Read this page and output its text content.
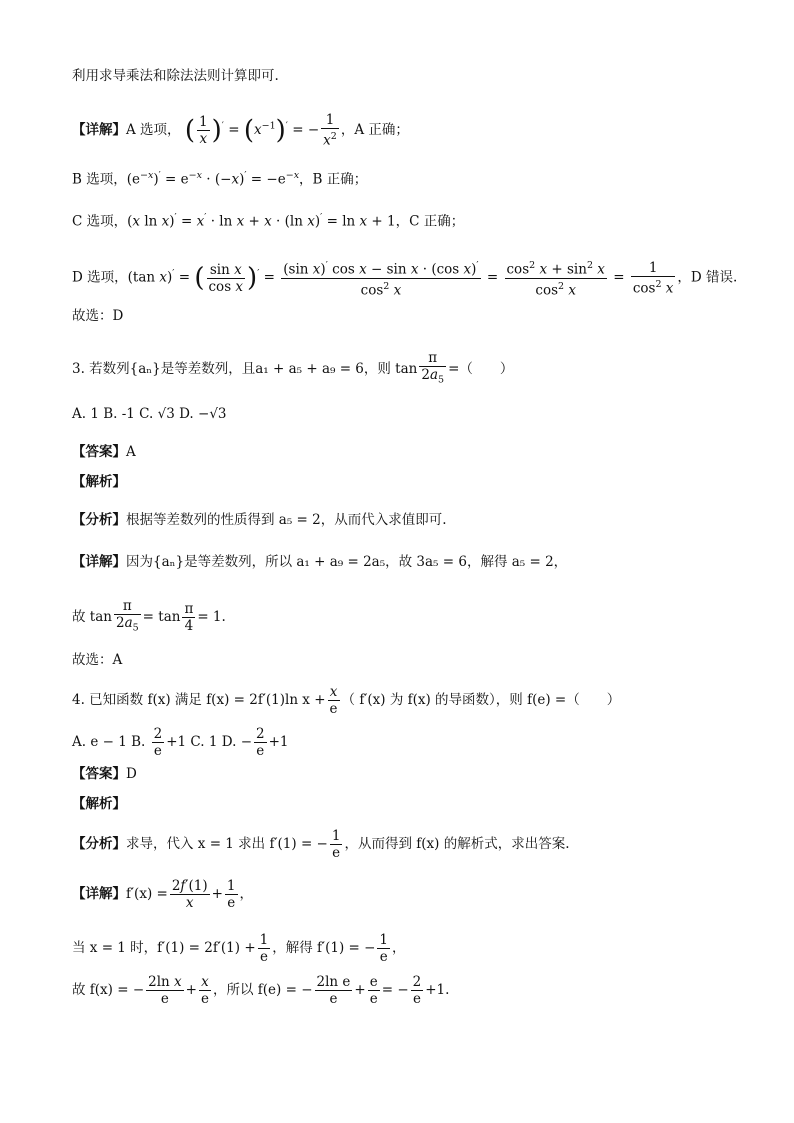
利用求导乘法和除法法则计算即可.
【详解】A 选项， ( $\frac{1}{x} )' = (x^{-1})'$ = − $\frac{1}{x^2}$ ，A 正确；
B 选项，$(e^{-x})' = e^{-x} \cdot (-x)' = -e^{-x}$，B 正确；
C 选项，(x ln x)′ = x′ · ln x + x · (ln x)′ = ln x + 1，C 正确；
D 选项，(tan x)′ = ( $\frac{\text{sin x}}{\text{cos x}} )' = \frac{(\sin x)' \cos x - \sin x \cdot (\cos x)'}{\cos^2 x} = \frac{\cos^2 x + \sin^2 x}{\cos^2 x} = \frac{1}{\cos^2 x}$ ，D 错误.
故选：D
3. 若数列{aₙ}是等差数列，且a₁ + a₅ + a₉ = 6，则 $\tan \frac{\pi}{2a_5}$ =（　　）
A. 1 B. -1 C. √3 D. −√3
【答案】A
【解析】
【分析】根据等差数列的性质得到 a₅ = 2，从而代入求值即可.
【详解】因为{aₙ}是等差数列，所以 a₁ + a₉ = 2a₅，故 3a₅ = 6，解得 a₅ = 2，
故 $\tan \frac{\pi}{2a_5} = \tan \frac{\pi}{4} = 1$.
故选：A
4. 已知函数 f(x) 满足 f(x) = 2f′(1)ln $x + \frac{x}{e}$ （ f′(x) 为 f(x) 的导函数），则 f(e) =（　　）
A. e − 1 B. $\frac{2}{e} +1$ C. 1 D. − $\frac{2}{e} +1$
【答案】D
【解析】
【分析】求导，代入 x = 1 求出 f′(1) = − $\frac{1}{e}$ ，从而得到 f(x) 的解析式，求出答案.
【详解】$f'(x) = \frac{2f'(1)}{x} + \frac{1}{e}$ ，
当 x = 1 时，$f'(1) = 2f'(1) + \frac{1}{e}$ ，解得 f′(1) = − $\frac{1}{e}$ ，
故 f(x) = − $\frac{\text{2ln x}}{e} + \frac{x}{e}$ ，所以 f(e) = − $\frac{\text{2ln e}}{e} + \frac{e}{e}$ = − $\frac{2}{e} +1$.
